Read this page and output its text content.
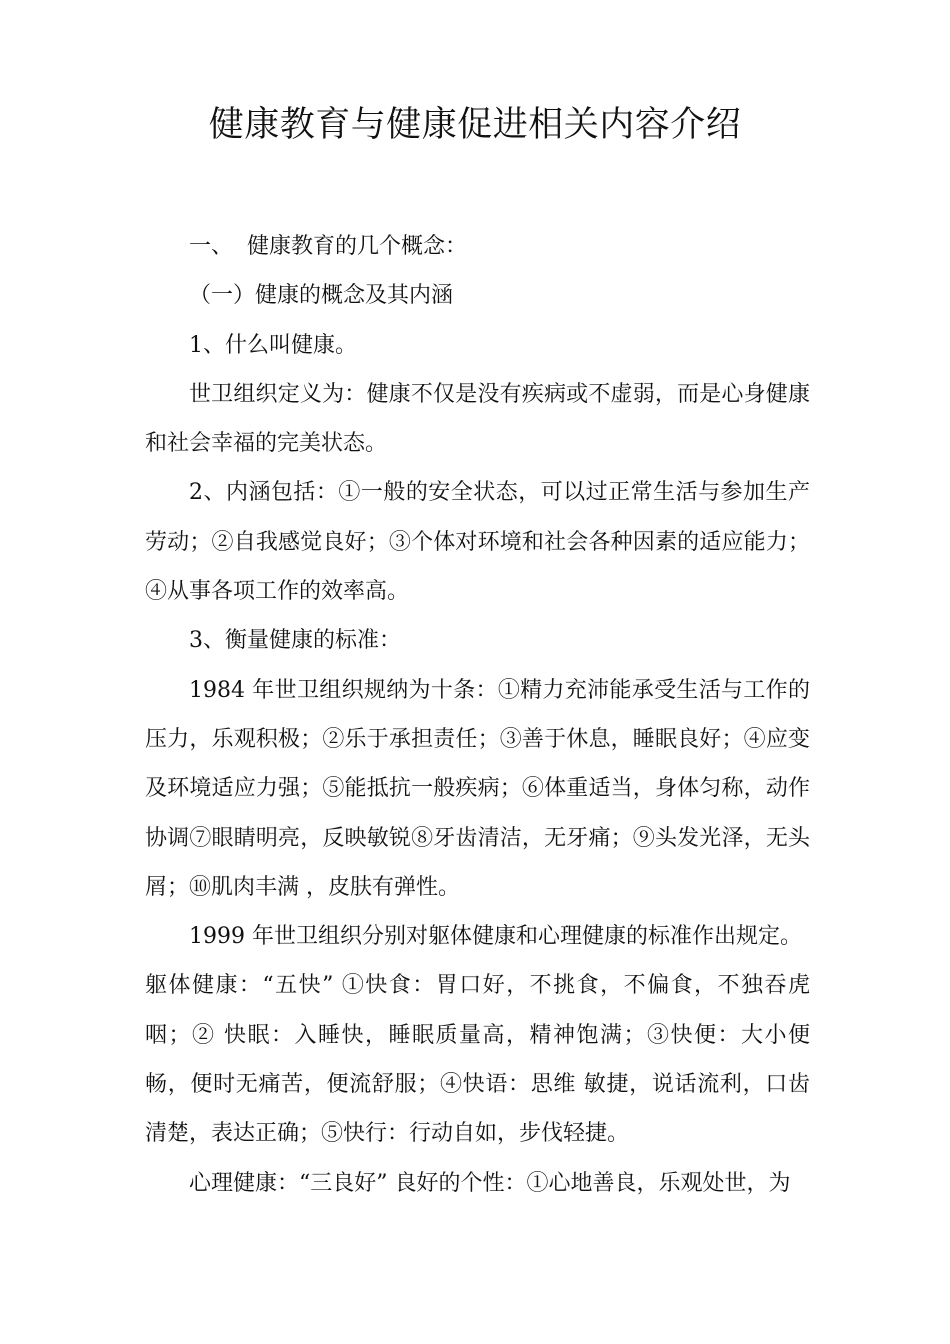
健康教育与健康促进相关内容介绍

一、 健康教育的几个概念：

（一）健康的概念及其内涵

1、什么叫健康。

世卫组织定义为：健康不仅是没有疾病或不虚弱，而是心身健康和社会幸福的完美状态。

2、内涵包括：①一般的安全状态，可以过正常生活与参加生产劳动；②自我感觉良好；③个体对环境和社会各种因素的适应能力；④从事各项工作的效率高。

3、衡量健康的标准：

1984 年世卫组织规纳为十条：①精力充沛能承受生活与工作的压力，乐观积极；②乐于承担责任；③善于休息，睡眠良好；④应变及环境适应力强；⑤能抵抗一般疾病；⑥体重适当，身体匀称，动作协调⑦眼睛明亮，反映敏锐⑧牙齿清洁，无牙痛；⑨头发光泽，无头屑；⑩肌肉丰满 ，皮肤有弹性。

1999 年世卫组织分别对躯体健康和心理健康的标准作出规定。

躯体健康：“五快” ①快食：胃口好，不挑食，不偏食，不独吞虎咽；② 快眠：入睡快，睡眠质量高，精神饱满；③快便：大小便畅，便时无痛苦，便流舒服；④快语：思维 敏捷，说话流利，口齿清楚，表达正确；⑤快行：行动自如，步伐轻捷。

心理健康：“三良好” 良好的个性：①心地善良，乐观处世，为
